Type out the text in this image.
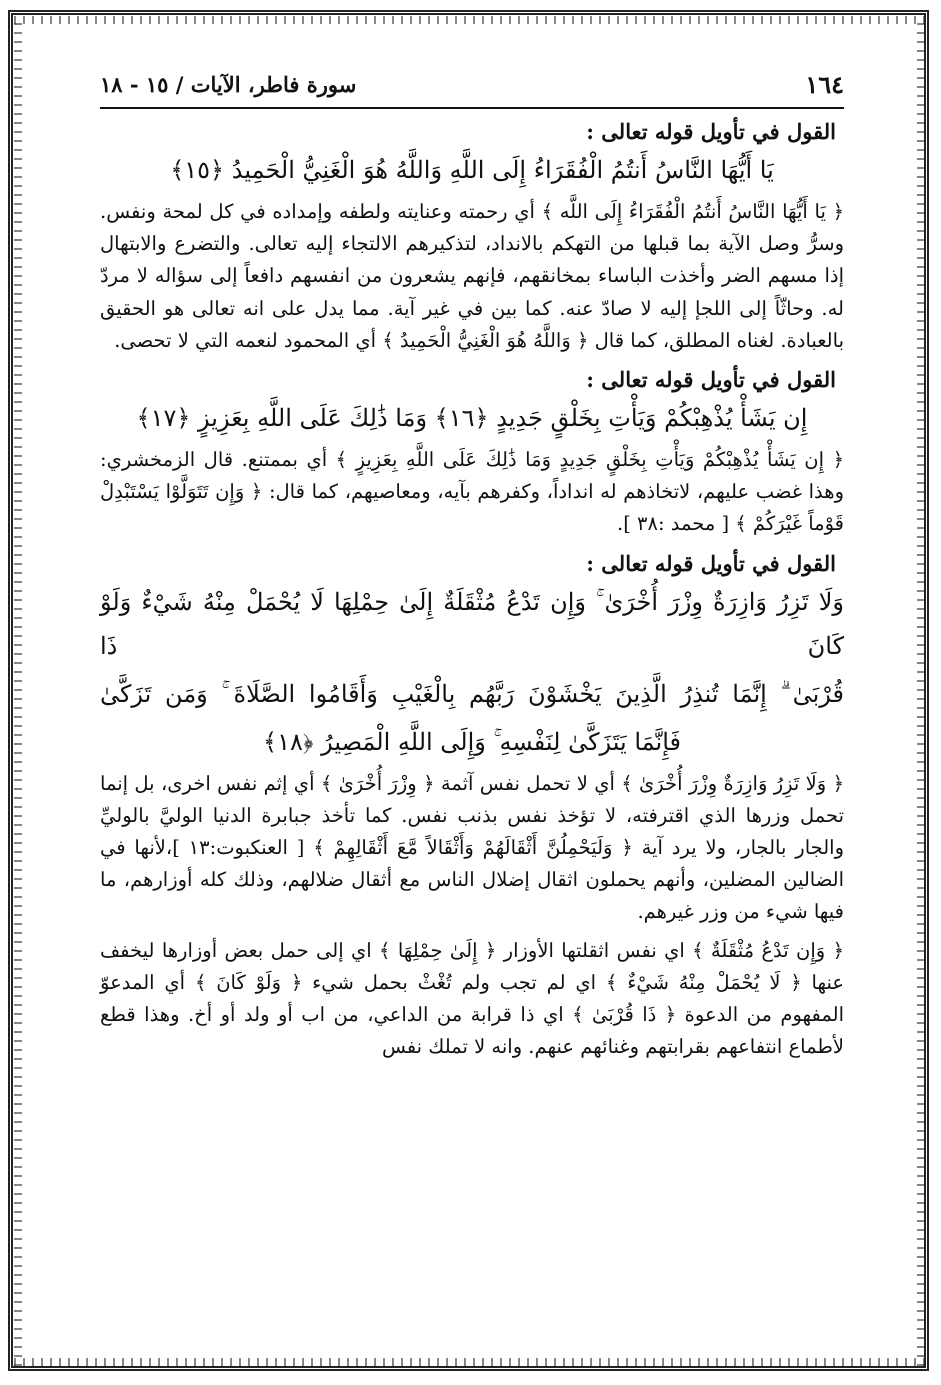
١٦٤
سورة فاطر، الآيات / ١٥ - ١٨
القول في تأويل قوله تعالى :
يَا أَيُّهَا النَّاسُ أَنتُمُ الْفُقَرَاءُ إِلَى اللَّهِ وَاللَّهُ هُوَ الْغَنِيُّ الْحَمِيدُ ﴿١٥﴾

﴿ يَا أَيُّهَا النَّاسُ أَنتُمُ الْفُقَرَاءُ إِلَى اللَّه ﴾ أي رحمته وعنايته ولطفه وإمداده في كل لمحة ونفس. وسرُّ وصل الآية بما قبلها من التهكم بالانداد، لتذكيرهم الالتجاء إليه تعالى. والتضرع والابتهال إذا مسهم الضر وأخذت الباساء بمخانقهم، فإنهم يشعرون من انفسهم دافعاً إلى سؤاله لا مردّ له. وحاثّاً إلى اللجإ إليه لا صادّ عنه. كما بين في غير آية. مما يدل على انه تعالى هو الحقيق بالعبادة. لغناه المطلق، كما قال ﴿ وَاللَّهُ هُوَ الْغَنِيُّ الْحَمِيدُ ﴾ أي المحمود لنعمه التي لا تحصى.

القول في تأويل قوله تعالى :
إِن يَشَأْ يُذْهِبْكُمْ وَيَأْتِ بِخَلْقٍ جَدِيدٍ ﴿١٦﴾ وَمَا ذَٰلِكَ عَلَى اللَّهِ بِعَزِيزٍ ﴿١٧﴾

﴿ إِن يَشَأْ يُذْهِبْكُمْ وَيَأْتِ بِخَلْقٍ جَدِيدٍ وَمَا ذَٰلِكَ عَلَى اللَّهِ بِعَزِيزٍ ﴾ أي بممتنع. قال الزمخشري: وهذا غضب عليهم، لاتخاذهم له انداداً، وكفرهم بآيه، ومعاصيهم، كما قال: ﴿ وَإِن تَتَوَلَّوْا يَسْتَبْدِلْ قَوْماً غَيْرَكُمْ ﴾ [ محمد :٣٨ ].

القول في تأويل قوله تعالى :
وَلَا تَزِرُ وَازِرَةٌ وِزْرَ أُخْرَىٰ ۚ وَإِن تَدْعُ مُثْقَلَةٌ إِلَىٰ حِمْلِهَا لَا يُحْمَلْ مِنْهُ شَيْءٌ وَلَوْ كَانَ ذَا
قُرْبَىٰ ۗ إِنَّمَا تُنذِرُ الَّذِينَ يَخْشَوْنَ رَبَّهُم بِالْغَيْبِ وَأَقَامُوا الصَّلَاةَ ۚ وَمَن تَزَكَّىٰ
فَإِنَّمَا يَتَزَكَّىٰ لِنَفْسِهِ ۚ وَإِلَى اللَّهِ الْمَصِيرُ ﴿١٨﴾

﴿ وَلَا تَزِرُ وَازِرَةٌ وِزْرَ أُخْرَىٰ ﴾ أي لا تحمل نفس آثمة ﴿ وِزْرَ أُخْرَىٰ ﴾ أي إثم نفس اخرى، بل إنما تحمل وزرها الذي اقترفته، لا تؤخذ نفس بذنب نفس. كما تأخذ جبابرة الدنيا الوليَّ بالوليِّ والجار بالجار، ولا يرد آية ﴿ وَلَيَحْمِلُنَّ أَثْقَالَهُمْ وَأَثْقَالاً مَّعَ أَثْقَالِهِمْ ﴾ [ العنكبوت:١٣ ]،لأنها في الضالين المضلين، وأنهم يحملون اثقال إضلال الناس مع أثقال ضلالهم، وذلك كله أوزارهم، ما فيها شيء من وزر غيرهم.

﴿ وَإِن تَدْعُ مُثْقَلَةٌ ﴾ اي نفس اثقلتها الأوزار ﴿ إِلَىٰ حِمْلِهَا ﴾ اي إلى حمل بعض أوزارها ليخفف عنها ﴿ لَا يُحْمَلْ مِنْهُ شَيْءٌ ﴾ اي لم تجب ولم تُغْثْ بحمل شيء ﴿ وَلَوْ كَانَ ﴾ أي المدعوّ المفهوم من الدعوة ﴿ ذَا قُرْبَىٰ ﴾ اي ذا قرابة من الداعي، من اب أو ولد أو أخ. وهذا قطع لأطماع انتفاعهم بقرابتهم وغنائهم عنهم. وانه لا تملك نفس
